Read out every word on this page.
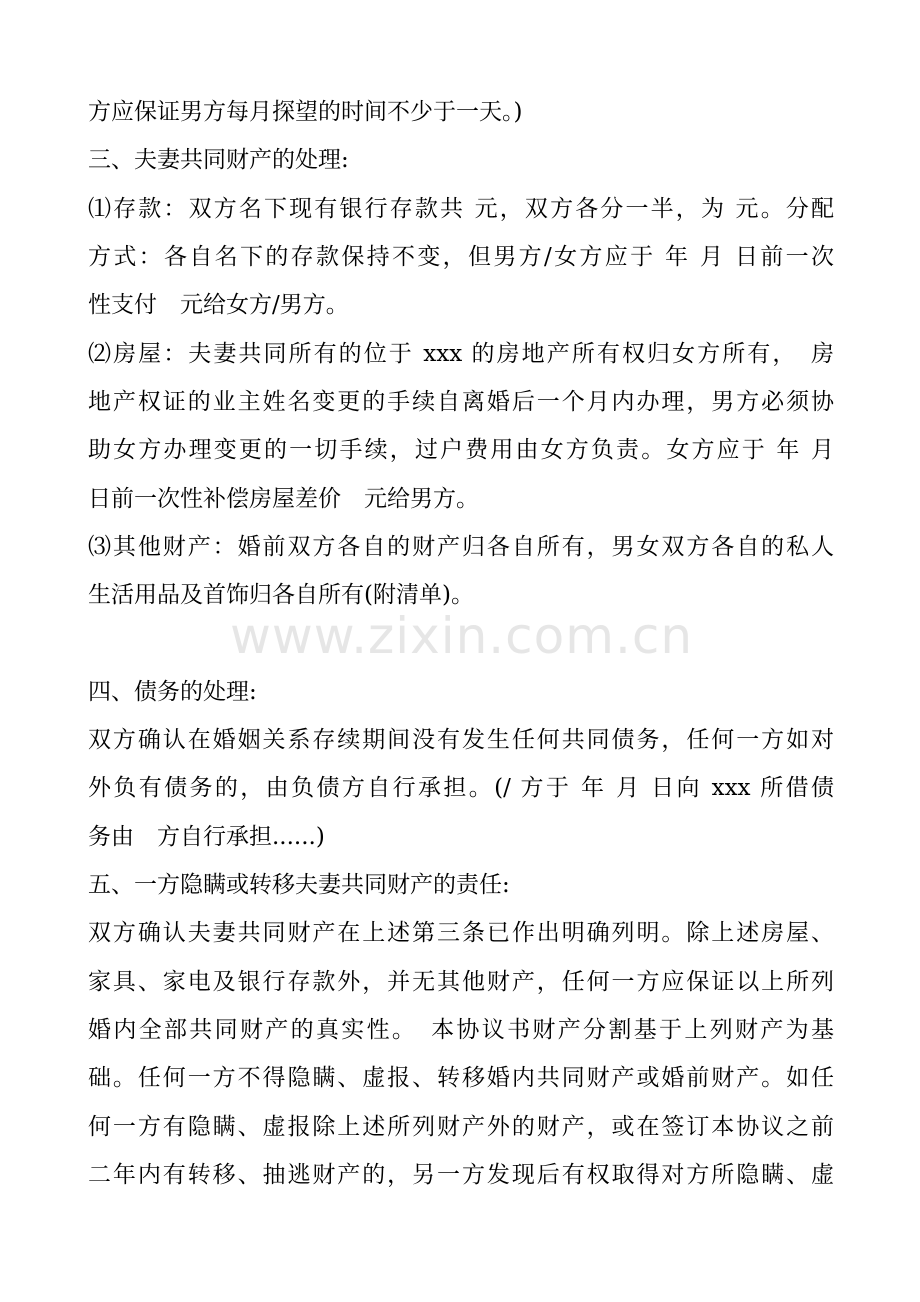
www.zixin.com.cn
方应保证男方每月探望的时间不少于一天。)
三、夫妻共同财产的处理:
⑴存款：双方名下现有银行存款共 元，双方各分一半，为 元。分配
方式：各自名下的存款保持不变，但男方/女方应于 年 月 日前一次
性支付　元给女方/男方。
⑵房屋：夫妻共同所有的位于 xxx 的房地产所有权归女方所有，　房
地产权证的业主姓名变更的手续自离婚后一个月内办理，男方必须协
助女方办理变更的一切手续，过户费用由女方负责。女方应于 年 月
日前一次性补偿房屋差价　元给男方。
⑶其他财产：婚前双方各自的财产归各自所有，男女双方各自的私人
生活用品及首饰归各自所有(附清单)。
四、债务的处理:
双方确认在婚姻关系存续期间没有发生任何共同债务，任何一方如对
外负有债务的，由负债方自行承担。(/ 方于 年 月 日向 xxx 所借债
务由　方自行承担......)
五、一方隐瞒或转移夫妻共同财产的责任:
双方确认夫妻共同财产在上述第三条已作出明确列明。除上述房屋、
家具、家电及银行存款外，并无其他财产，任何一方应保证以上所列
婚内全部共同财产的真实性。　本协议书财产分割基于上列财产为基
础。任何一方不得隐瞒、虚报、转移婚内共同财产或婚前财产。如任
何一方有隐瞒、虚报除上述所列财产外的财产，或在签订本协议之前
二年内有转移、抽逃财产的，另一方发现后有权取得对方所隐瞒、虚
